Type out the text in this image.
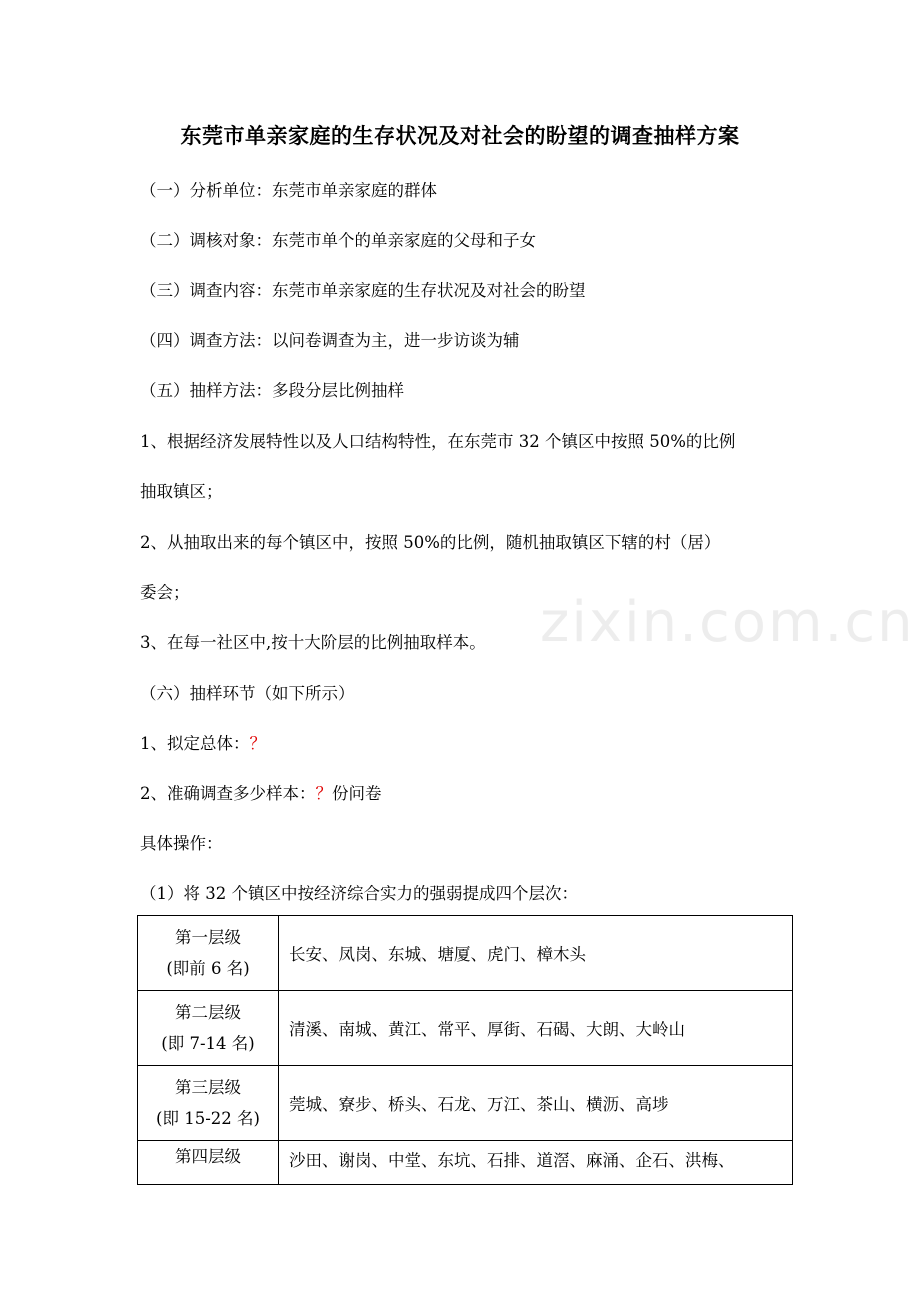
东莞市单亲家庭的生存状况及对社会的盼望的调查抽样方案
（一）分析单位：东莞市单亲家庭的群体
（二）调核对象：东莞市单个的单亲家庭的父母和子女
（三）调查内容：东莞市单亲家庭的生存状况及对社会的盼望
（四）调查方法：以问卷调查为主，进一步访谈为辅
（五）抽样方法：多段分层比例抽样
1、根据经济发展特性以及人口结构特性，在东莞市 32 个镇区中按照 50%的比例
抽取镇区；
2、从抽取出来的每个镇区中，按照 50%的比例，随机抽取镇区下辖的村（居）
委会；
3、在每一社区中,按十大阶层的比例抽取样本。
（六）抽样环节（如下所示）
1、拟定总体：？
2、准确调查多少样本：？份问卷
具体操作：
（1）将 32 个镇区中按经济综合实力的强弱提成四个层次：
第一层级
(即前 6 名)	长安、凤岗、东城、塘厦、虎门、樟木头

第二层级
(即 7-14 名)	清溪、南城、黄江、常平、厚街、石碣、大朗、大岭山

第三层级
(即 15-22 名)	莞城、寮步、桥头、石龙、万江、茶山、横沥、高埗

第四层级	沙田、谢岗、中堂、东坑、石排、道滘、麻涌、企石、洪梅、
zixin.com.cn
